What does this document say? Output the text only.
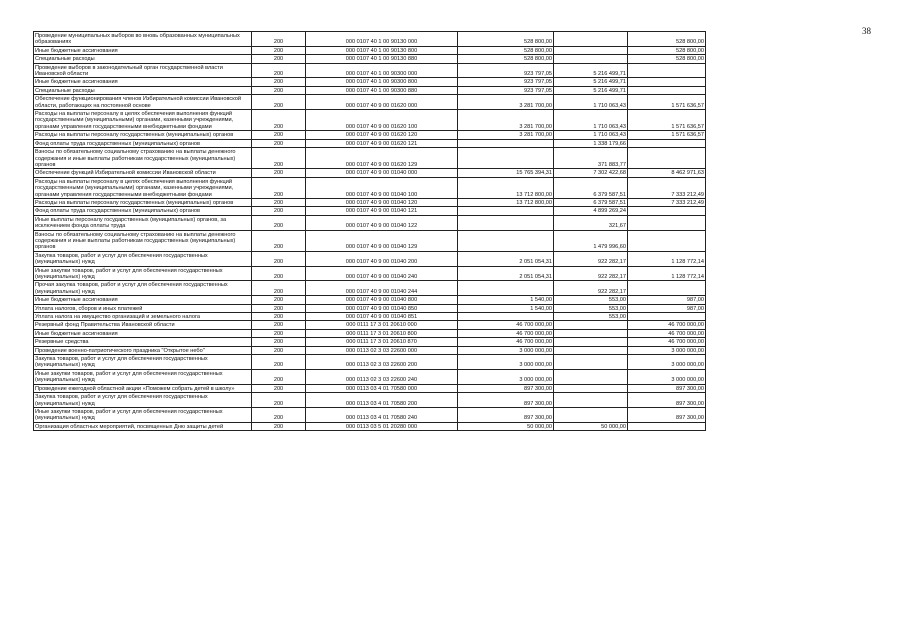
38
Проведение муниципальных выборов во вновь образованных муниципальных образованиях	200	000 0107 40 1 00 90130 000	528 800,00		528 800,00
Иные бюджетные ассигнования	200	000 0107 40 1 00 90130 800	528 800,00		528 800,00
Специальные расходы	200	000 0107 40 1 00 90130 880	528 800,00		528 800,00
Проведение выборов в законодательный орган государственной власти Ивановской области	200	000 0107 40 1 00 90300 000	923 797,05	5 216 499,71	
Иные бюджетные ассигнования	200	000 0107 40 1 00 90300 800	923 797,05	5 216 499,71	
Специальные расходы	200	000 0107 40 1 00 90300 880	923 797,05	5 216 499,71	
Обеспечение функционирования членов Избирательной комиссии Ивановской области, работающих на постоянной основе	200	000 0107 40 9 00 01620 000	3 281 700,00	1 710 063,43	1 571 636,57
Расходы на выплаты персоналу в целях обеспечения выполнения функций государственными (муниципальными) органами, казенными учреждениями, органами управления государственными внебюджетными фондами	200	000 0107 40 9 00 01620 100	3 281 700,00	1 710 063,43	1 571 636,57
Расходы на выплаты персоналу государственных (муниципальных) органов	200	000 0107 40 9 00 01620 120	3 281 700,00	1 710 063,43	1 571 636,57
Фонд оплаты труда государственных (муниципальных) органов	200	000 0107 40 9 00 01620 121		1 338 179,66	
Взносы по обязательному социальному страхованию на выплаты денежного содержания и иные выплаты работникам государственных (муниципальных) органов	200	000 0107 40 9 00 01620 129		371 883,77	
Обеспечение функций Избирательной комиссии Ивановской области	200	000 0107 40 9 00 01040 000	15 765 394,31	7 302 422,68	8 462 971,63
Расходы на выплаты персоналу в целях обеспечения выполнения функций государственными (муниципальными) органами, казенными учреждениями, органами управления государственными внебюджетными фондами	200	000 0107 40 9 00 01040 100	13 712 800,00	6 379 587,51	7 333 212,49
Расходы на выплаты персоналу государственных (муниципальных) органов	200	000 0107 40 9 00 01040 120	13 712 800,00	6 379 587,51	7 333 212,49
Фонд оплаты труда государственных (муниципальных) органов	200	000 0107 40 9 00 01040 121		4 899 269,24	
Иные выплаты персоналу государственных (муниципальных) органов, за исключением фонда оплаты труда	200	000 0107 40 9 00 01040 122		321,67	
Взносы по обязательному социальному страхованию на выплаты денежного содержания и иные выплаты работникам государственных (муниципальных) органов	200	000 0107 40 9 00 01040 129		1 479 996,60	
Закупка товаров, работ и услуг для обеспечения государственных (муниципальных) нужд	200	000 0107 40 9 00 01040 200	2 051 054,31	922 282,17	1 128 772,14
Иные закупки товаров, работ и услуг для обеспечения государственных (муниципальных) нужд	200	000 0107 40 9 00 01040 240	2 051 054,31	922 282,17	1 128 772,14
Прочая закупка товаров, работ и услуг для обеспечения государственных (муниципальных) нужд	200	000 0107 40 9 00 01040 244		922 282,17	
Иные бюджетные ассигнования	200	000 0107 40 9 00 01040 800	1 540,00	553,00	987,00
Уплата налогов, сборов и иных платежей	200	000 0107 40 9 00 01040 850	1 540,00	553,00	987,00
Уплата налога на имущество организаций и земельного налога	200	000 0107 40 9 00 01040 851		553,00	
Резервный фонд Правительства Ивановской области	200	000 0111 17 3 01 20610 000	46 700 000,00		46 700 000,00
Иные бюджетные ассигнования	200	000 0111 17 3 01 20610 800	46 700 000,00		46 700 000,00
Резервные средства	200	000 0111 17 3 01 20610 870	46 700 000,00		46 700 000,00
Проведение военно-патриотического праздника "Открытое небо"	200	000 0113 02 3 03 22600 000	3 000 000,00		3 000 000,00
Закупка товаров, работ и услуг для обеспечения государственных (муниципальных) нужд	200	000 0113 02 3 03 22600 200	3 000 000,00		3 000 000,00
Иные закупки товаров, работ и услуг для обеспечения государственных (муниципальных) нужд	200	000 0113 02 3 03 22600 240	3 000 000,00		3 000 000,00
Проведение ежегодной областной акции «Поможем собрать детей в школу»	200	000 0113 03 4 01 70580 000	897 300,00		897 300,00
Закупка товаров, работ и услуг для обеспечения государственных (муниципальных) нужд	200	000 0113 03 4 01 70580 200	897 300,00		897 300,00
Иные закупки товаров, работ и услуг для обеспечения государственных (муниципальных) нужд	200	000 0113 03 4 01 70580 240	897 300,00		897 300,00
Организация областных мероприятий, посвященных Дню защиты детей	200	000 0113 03 5 01 20280 000	50 000,00	50 000,00	
